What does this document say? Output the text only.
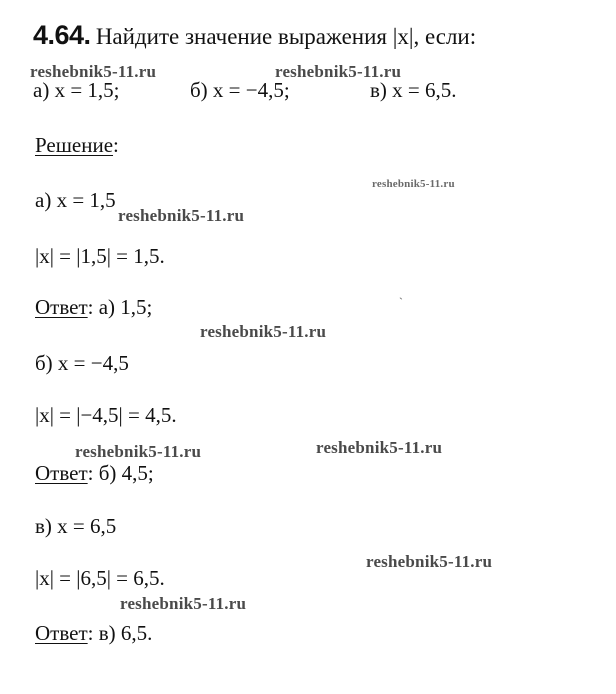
4.64. Найдите значение выражения |x|, если:
а) x = 1,5;	б) x = −4,5;	в) x = 6,5.
Решение:
а) x = 1,5
|x| = |1,5| = 1,5.
Ответ: а) 1,5;
б) x = −4,5
|x| = |−4,5| = 4,5.
Ответ: б) 4,5;
в) x = 6,5
|x| = |6,5| = 6,5.
Ответ: в) 6,5.
reshebnik5-11.ru	reshebnik5-11.ru
reshebnik5-11.ru
reshebnik5-11.ru
reshebnik5-11.ru
reshebnik5-11.ru	reshebnik5-11.ru
reshebnik5-11.ru
reshebnik5-11.ru
ˋ
